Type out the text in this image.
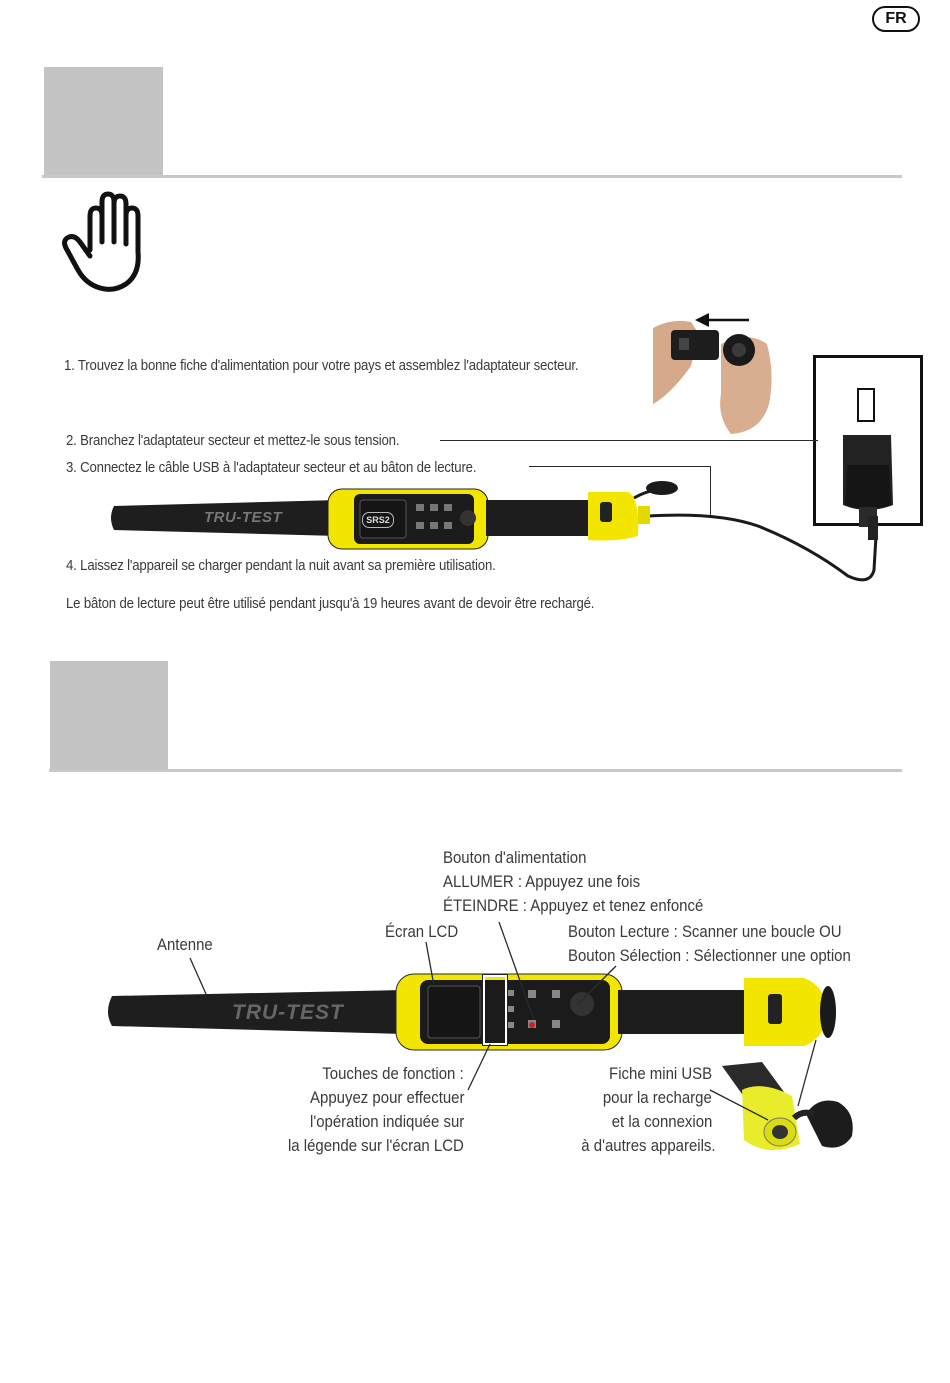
FR
1. Trouvez la bonne fiche d'alimentation pour votre pays et assemblez l'adaptateur secteur.
2. Branchez l'adaptateur secteur et mettez-le sous tension.
3. Connectez le câble USB à l'adaptateur secteur et au bâton de lecture.
4. Laissez l'appareil se charger pendant la nuit avant sa première utilisation.
Le bâton de lecture peut être utilisé pendant jusqu'à 19 heures avant de devoir être rechargé.
TRU-TEST	SRS2
TRU-TEST
Antenne
Écran LCD
Bouton d'alimentation
ALLUMER : Appuyez une fois
ÉTEINDRE : Appuyez et tenez enfoncé
Bouton Lecture : Scanner une boucle OU
Bouton Sélection : Sélectionner une option
Touches de fonction :
Appuyez pour effectuer
l'opération indiquée sur
la légende sur l'écran LCD
Fiche mini USB
pour la recharge
et la connexion
à d'autres appareils.
